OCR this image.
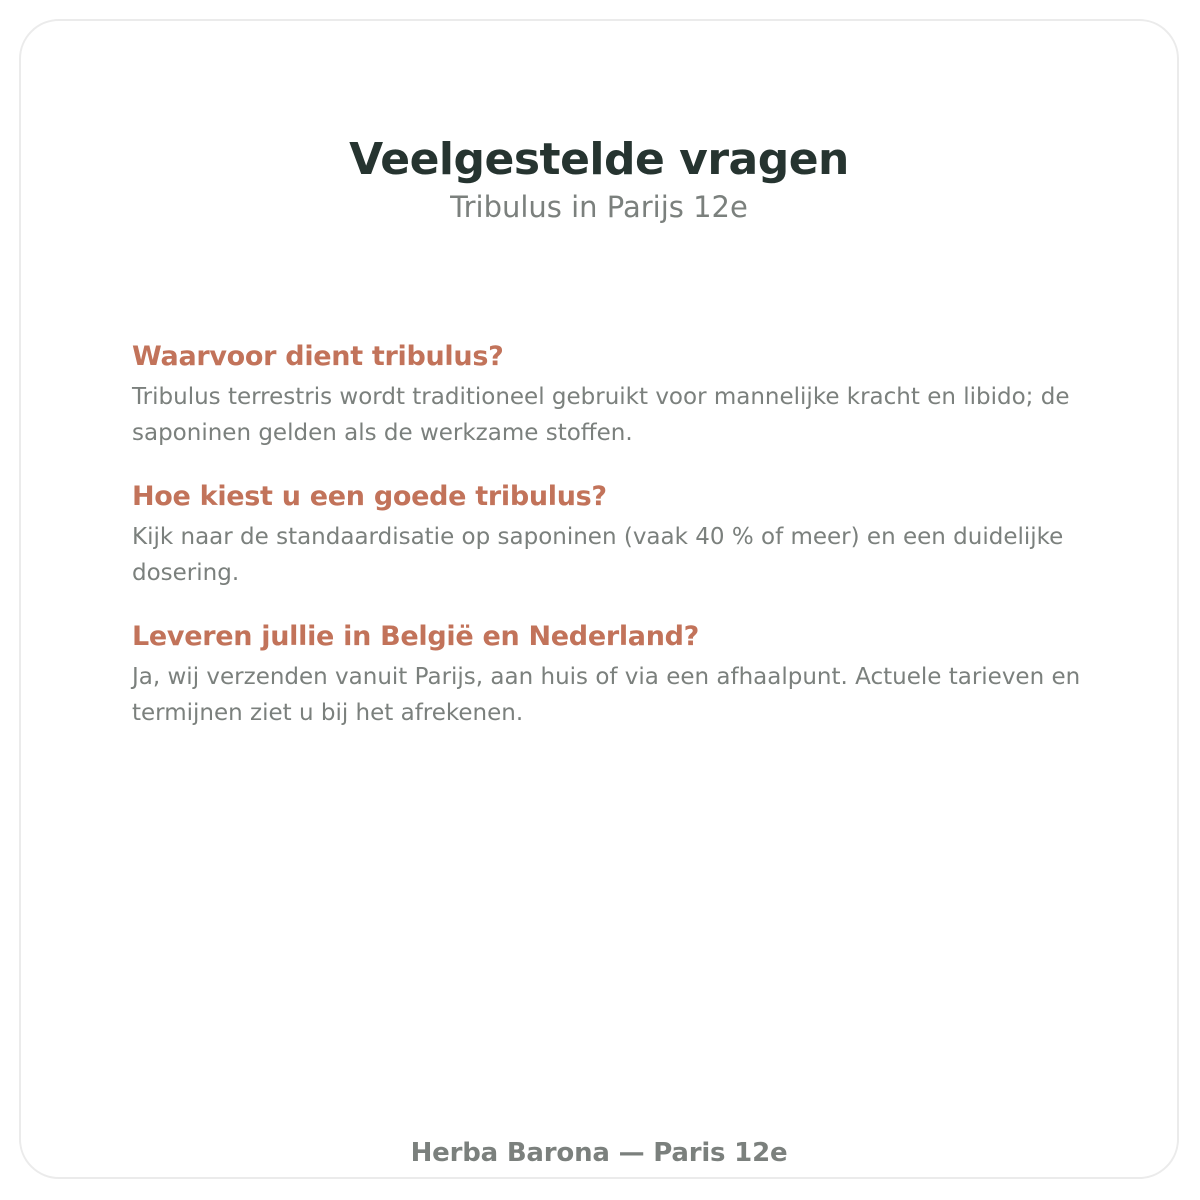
Veelgestelde vragen
Tribulus in Parijs 12e
Waarvoor dient tribulus?

Tribulus terrestris wordt traditioneel gebruikt voor mannelijke kracht en libido; de saponinen gelden als de werkzame stoffen.

Hoe kiest u een goede tribulus?

Kijk naar de standaardisatie op saponinen (vaak 40 % of meer) en een duidelijke dosering.

Leveren jullie in België en Nederland?

Ja, wij verzenden vanuit Parijs, aan huis of via een afhaalpunt. Actuele tarieven en termijnen ziet u bij het afrekenen.

Herba Barona — Paris 12e
